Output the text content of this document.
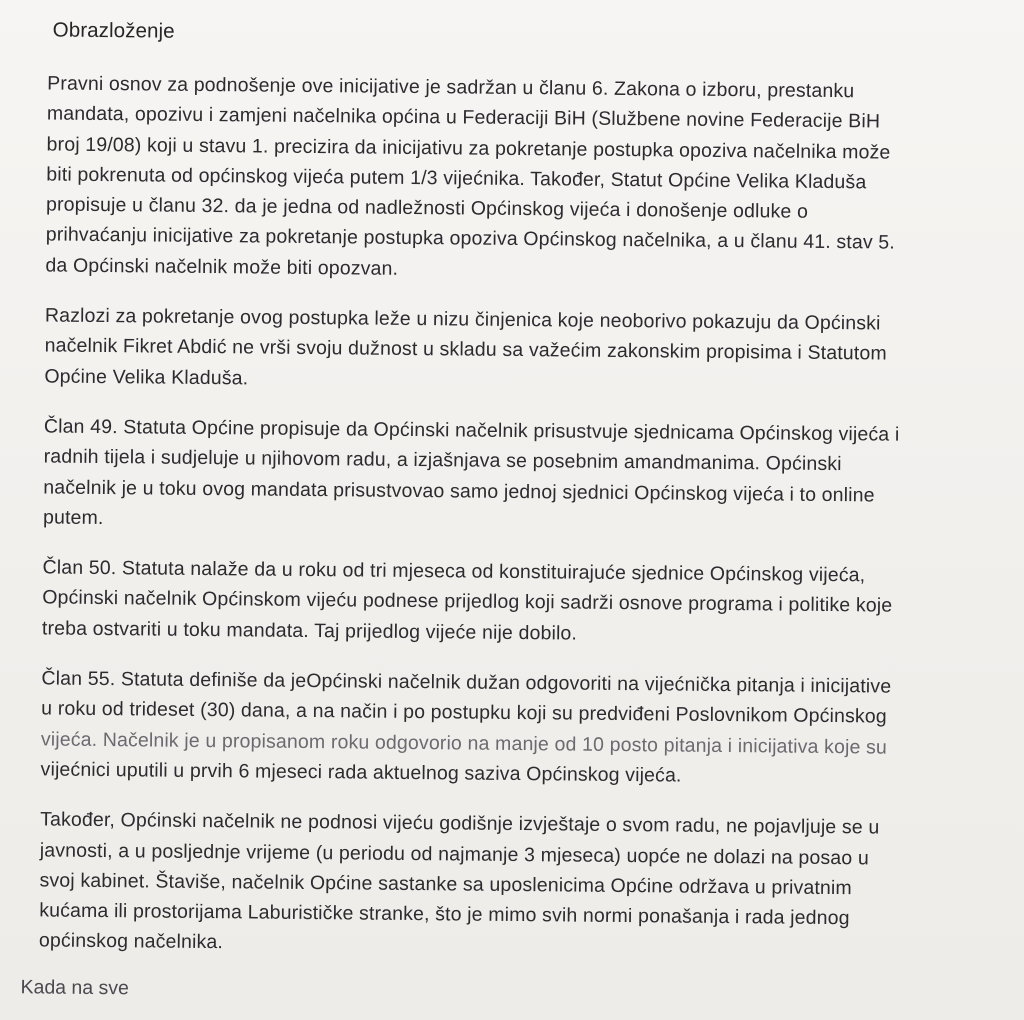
Obrazloženje
Pravni osnov za podnošenje ove inicijative je sadržan u članu 6. Zakona o izboru, prestanku
mandata, opozivu i zamjeni načelnika općina u Federaciji BiH (Službene novine Federacije BiH
broj 19/08) koji u stavu 1. precizira da inicijativu za pokretanje postupka opoziva načelnika može
biti pokrenuta od općinskog vijeća putem 1/3 vijećnika. Također, Statut Općine Velika Kladuša
propisuje u članu 32. da je jedna od nadležnosti Općinskog vijeća i donošenje odluke o
prihvaćanju inicijative za pokretanje postupka opoziva Općinskog načelnika, a u članu 41. stav 5.
da Općinski načelnik može biti opozvan.
Razlozi za pokretanje ovog postupka leže u nizu činjenica koje neoborivo pokazuju da Općinski
načelnik Fikret Abdić ne vrši svoju dužnost u skladu sa važećim zakonskim propisima i Statutom
Općine Velika Kladuša.
Član 49. Statuta Općine propisuje da Općinski načelnik prisustvuje sjednicama Općinskog vijeća i
radnih tijela i sudjeluje u njihovom radu, a izjašnjava se posebnim amandmanima. Općinski
načelnik je u toku ovog mandata prisustvovao samo jednoj sjednici Općinskog vijeća i to online
putem.
Član 50. Statuta nalaže da u roku od tri mjeseca od konstituirajuće sjednice Općinskog vijeća,
Općinski načelnik Općinskom vijeću podnese prijedlog koji sadrži osnove programa i politike koje
treba ostvariti u toku mandata. Taj prijedlog vijeće nije dobilo.
Član 55. Statuta definiše da jeOpćinski načelnik dužan odgovoriti na vijećnička pitanja i inicijative
u roku od trideset (30) dana, a na način i po postupku koji su predviđeni Poslovnikom Općinskog
vijeća. Načelnik je u propisanom roku odgovorio na manje od 10 posto pitanja i inicijativa koje su
vijećnici uputili u prvih 6 mjeseci rada aktuelnog saziva Općinskog vijeća.
Također, Općinski načelnik ne podnosi vijeću godišnje izvještaje o svom radu, ne pojavljuje se u
javnosti, a u posljednje vrijeme (u periodu od najmanje 3 mjeseca) uopće ne dolazi na posao u
svoj kabinet. Štaviše, načelnik Općine sastanke sa uposlenicima Općine održava u privatnim
kućama ili prostorijama Laburističke stranke, što je mimo svih normi ponašanja i rada jednog
općinskog načelnika.
Kada na sve
